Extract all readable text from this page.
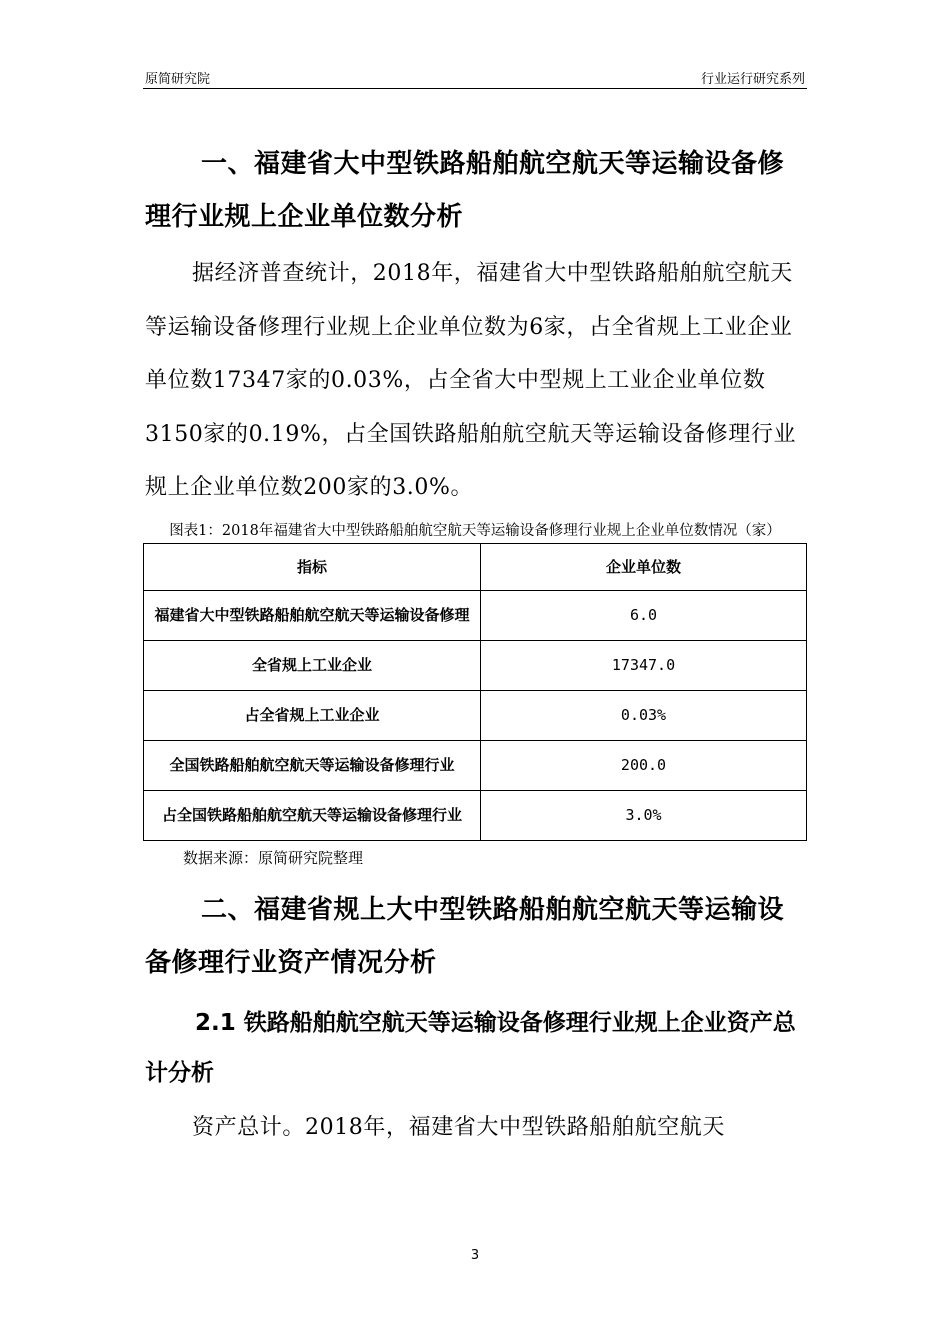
原简研究院	行业运行研究系列
一、福建省大中型铁路船舶航空航天等运输设备修理行业规上企业单位数分析

据经济普查统计，2018年，福建省大中型铁路船舶航空航天等运输设备修理行业规上企业单位数为6家，占全省规上工业企业单位数17347家的0.03%，占全省大中型规上工业企业单位数3150家的0.19%，占全国铁路船舶航空航天等运输设备修理行业规上企业单位数200家的3.0%。

图表1：2018年福建省大中型铁路船舶航空航天等运输设备修理行业规上企业单位数情况（家）
指标	企业单位数
福建省大中型铁路船舶航空航天等运输设备修理	6.0
全省规上工业企业	17347.0
占全省规上工业企业	0.03%
全国铁路船舶航空航天等运输设备修理行业	200.0
占全国铁路船舶航空航天等运输设备修理行业	3.0%
数据来源：原简研究院整理
二、福建省规上大中型铁路船舶航空航天等运输设备修理行业资产情况分析
2.1 铁路船舶航空航天等运输设备修理行业规上企业资产总计分析

资产总计。2018年，福建省大中型铁路船舶航空航天

3
